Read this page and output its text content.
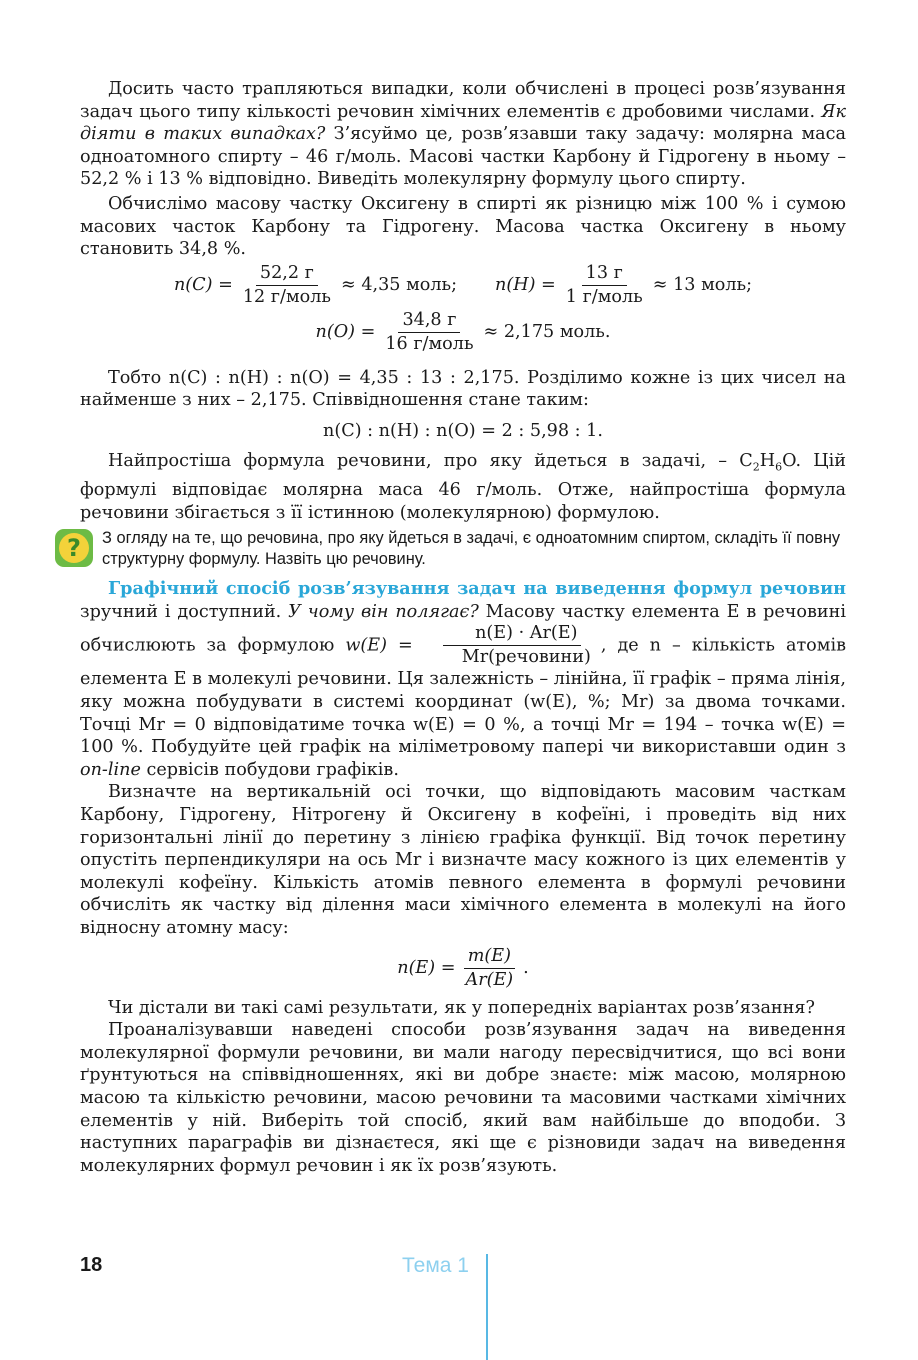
Досить часто трапляються випадки, коли обчислені в процесі розв’язування задач цього типу кількості речовин хімічних елементів є дробовими числами. Як діяти в таких випадках? З’ясуймо це, розв’язавши таку задачу: молярна маса одноатомного спирту – 46 г/моль. Масові частки Карбону й Гідрогену в ньому – 52,2 % і 13 % відповідно. Виведіть молекулярну формулу цього спирту.

Обчислімо масову частку Оксигену в спирті як різницю між 100 % і сумою масових часток Карбону та Гідрогену. Масова частка Оксигену в ньому становить 34,8 %.

$n(C) = \frac{52,2 г}{\text{12 г/моль}} \approx 4,35$ моль; $n(H) = \frac{13 г}{\text{1 г/моль}} \approx 13$ моль;
$n(O) = \frac{34,8 г}{\text{16 г/моль}} \approx 2,175$ моль.

Тобто n(C) : n(H) : n(O) = 4,35 : 13 : 2,175. Розділимо кожне із цих чисел на найменше з них – 2,175. Співвідношення стане таким:

n(C) : n(H) : n(O) = 2 : 5,98 : 1.

Найпростіша формула речовини, про яку йдеться в задачі, – $C_2H_6O$. Цій формулі відповідає молярна маса 46 г/моль. Отже, найпростіша формула речовини збігається з її істинною (молекулярною) формулою.

? З огляду на те, що речовина, про яку йдеться в задачі, є одноатомним спиртом, складіть її повну структурну формулу. Назвіть цю речовину.

Графічний спосіб розв’язування задач на виведення формул речовин зручний і доступний. У чому він полягає? Масову частку елемента Е в речовині обчислюють за формулою $w(E) = \frac{n(E) \cdot Ar(E)}{\text{Mr(речовини)}}$ , де n – кількість атомів елемента Е в молекулі речовини. Ця залежність – лінійна, її графік – пряма лінія, яку можна побудувати в системі координат (w(E), %; Mr) за двома точками. Точці Mr = 0 відповідатиме точка w(E) = 0 %, а точці Mr = 194 – точка w(E) = 100 %. Побудуйте цей графік на міліметровому папері чи використавши один з on-line сервісів побудови графіків.

Визначте на вертикальній осі точки, що відповідають масовим часткам Карбону, Гідрогену, Нітрогену й Оксигену в кофеїні, і проведіть від них горизонтальні лінії до перетину з лінією графіка функції. Від точок перетину опустіть перпендикуляри на ось Mr і визначте масу кожного із цих елементів у молекулі кофеїну. Кількість атомів певного елемента в формулі речовини обчисліть як частку від ділення маси хімічного елемента в молекулі на його відносну атомну масу:

$n(E) = \frac{m(E)}{Ar(E)}$ .

Чи дістали ви такі самі результати, як у попередніх варіантах розв’язання?

Проаналізувавши наведені способи розв’язування задач на виведення молекулярної формули речовини, ви мали нагоду пересвідчитися, що всі вони ґрунтуються на співвідношеннях, які ви добре знаєте: між масою, молярною масою та кількістю речовини, масою речовини та масовими частками хімічних елементів у ній. Виберіть той спосіб, який вам найбільше до вподоби. З наступних параграфів ви дізнаєтеся, які ще є різновиди задач на виведення молекулярних формул речовин і як їх розв’язують.

18	Тема 1
